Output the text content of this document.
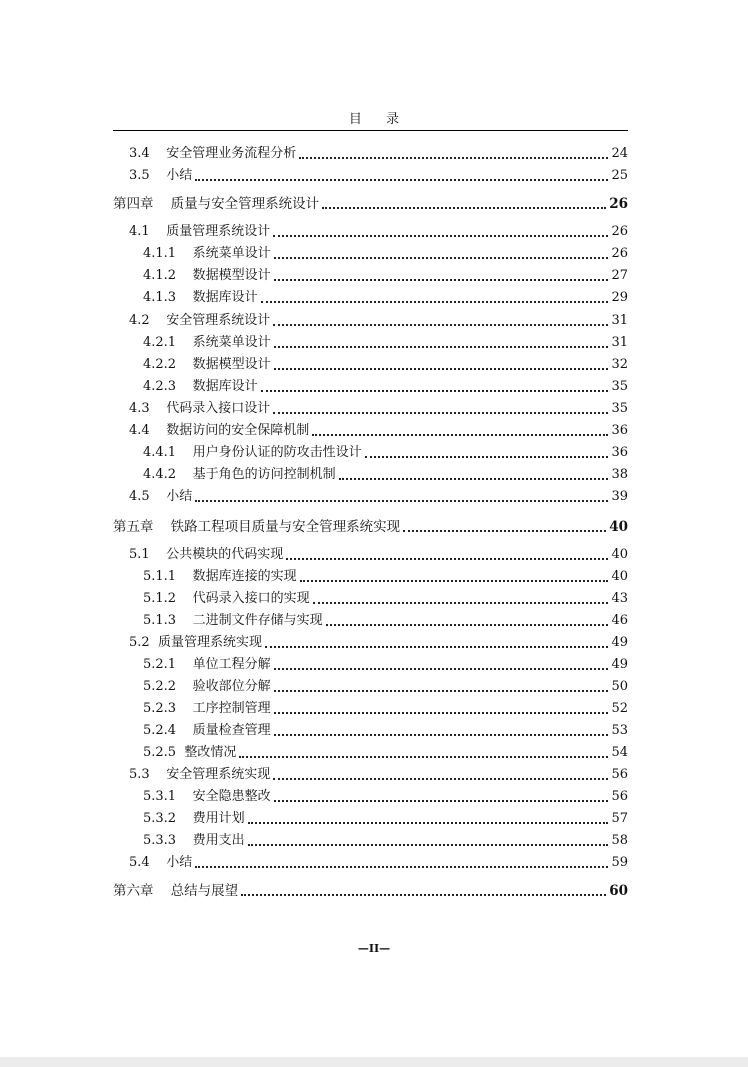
目 录
3.4    安全管理业务流程分析	24
3.5    小结	25
第四章    质量与安全管理系统设计	26
4.1    质量管理系统设计	26
4.1.1    系统菜单设计	26
4.1.2    数据模型设计	27
4.1.3    数据库设计	29
4.2    安全管理系统设计	31
4.2.1    系统菜单设计	31
4.2.2    数据模型设计	32
4.2.3    数据库设计	35
4.3    代码录入接口设计	35
4.4    数据访问的安全保障机制	36
4.4.1    用户身份认证的防攻击性设计	36
4.4.2    基于角色的访问控制机制	38
4.5    小结	39
第五章    铁路工程项目质量与安全管理系统实现	40
5.1    公共模块的代码实现	40
5.1.1    数据库连接的实现	40
5.1.2    代码录入接口的实现	43
5.1.3    二进制文件存储与实现	46
5.2  质量管理系统实现	49
5.2.1    单位工程分解	49
5.2.2    验收部位分解	50
5.2.3    工序控制管理	52
5.2.4    质量检查管理	53
5.2.5  整改情况	54
5.3    安全管理系统实现	56
5.3.1    安全隐患整改	56
5.3.2    费用计划	57
5.3.3    费用支出	58
5.4    小结	59
第六章    总结与展望	60
—II—
